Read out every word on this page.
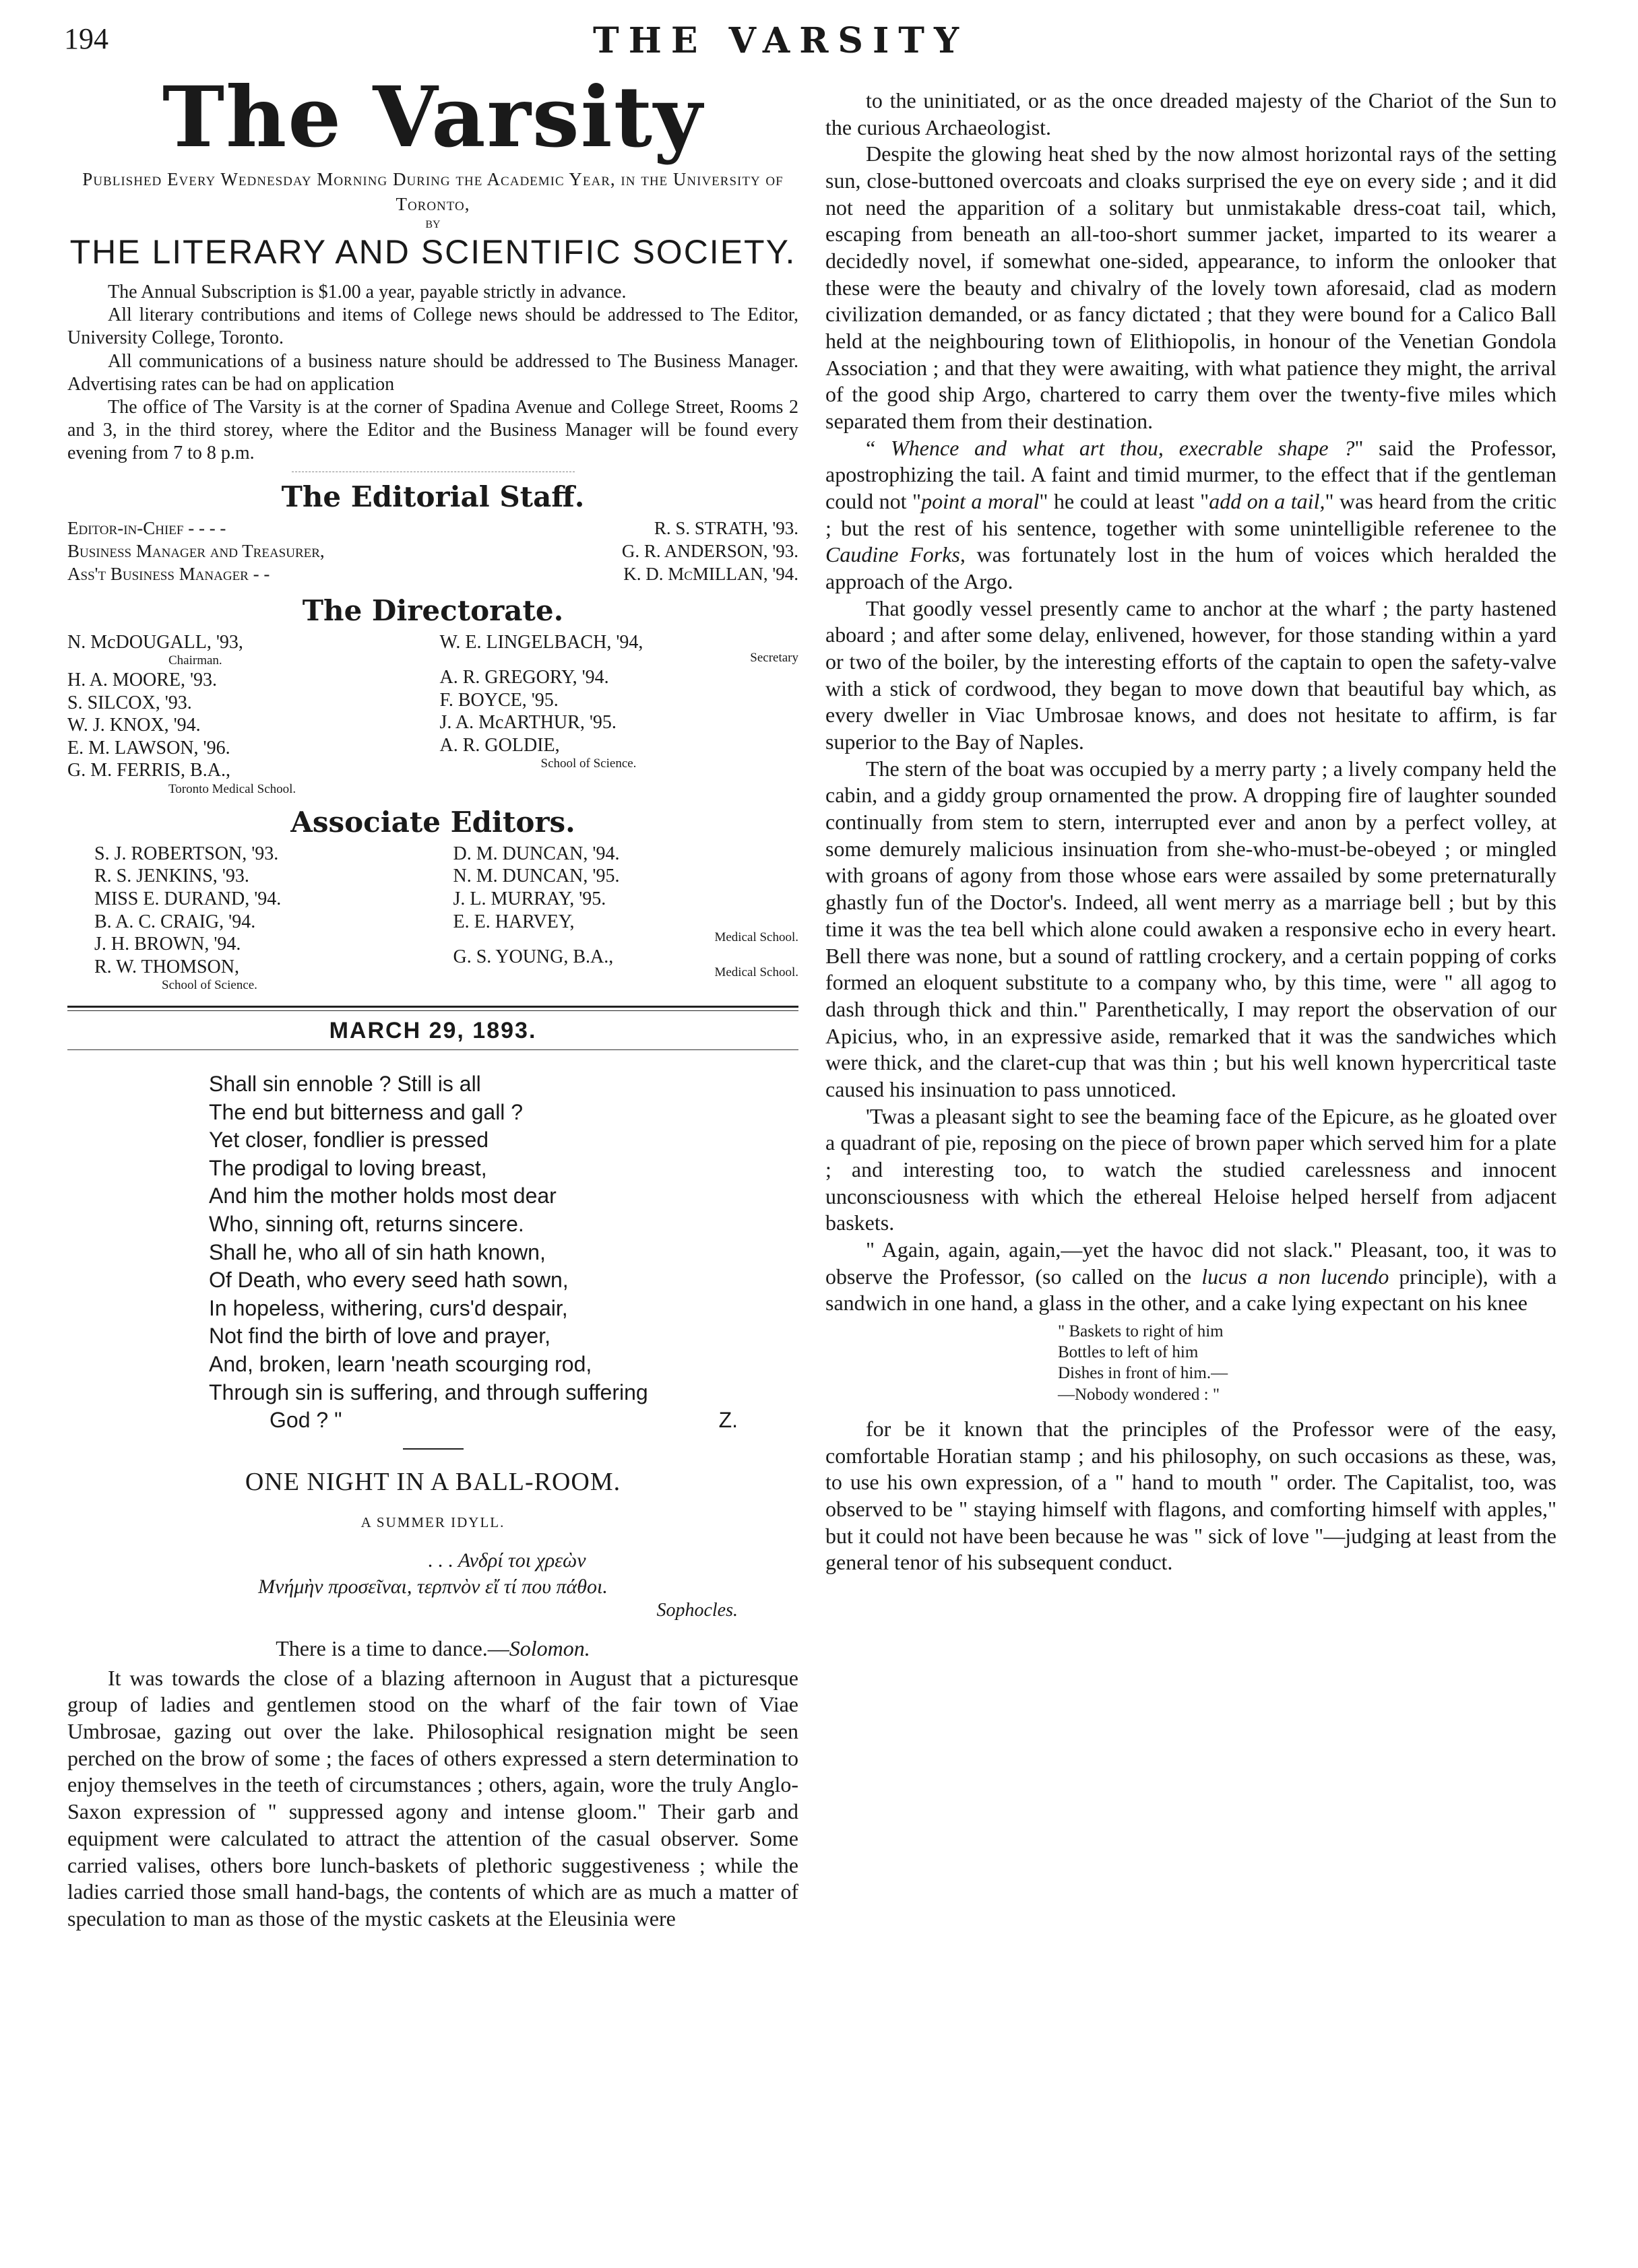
194	THE VARSITY
The Varsity

Published Every Wednesday Morning During the Academic Year, in the University of Toronto,

BY

THE LITERARY AND SCIENTIFIC SOCIETY.

The Annual Subscription is $1.00 a year, payable strictly in advance.

All literary contributions and items of College news should be addressed to The Editor, University College, Toronto.

All communications of a business nature should be addressed to The Business Manager. Advertising rates can be had on application

The office of The Varsity is at the corner of Spadina Avenue and College Street, Rooms 2 and 3, in the third storey, where the Editor and the Business Manager will be found every evening from 7 to 8 p.m.

The Editorial Staff.
Editor-in-Chief - - - -	R. S. STRATH, '93.
Business Manager and Treasurer,	G. R. ANDERSON, '93.
Ass't Business Manager - -	K. D. McMILLAN, '94.
The Directorate.
N. McDOUGALL, '93,
Chairman.
H. A. MOORE, '93.
S. SILCOX, '93.
W. J. KNOX, '94.
E. M. LAWSON, '96.
G. M. FERRIS, B.A.,
Toronto Medical School.
W. E. LINGELBACH, '94,
Secretary
A. R. GREGORY, '94.
F. BOYCE, '95.
J. A. McARTHUR, '95.
A. R. GOLDIE,
School of Science.
Associate Editors.
S. J. ROBERTSON, '93.
R. S. JENKINS, '93.
MISS E. DURAND, '94.
B. A. C. CRAIG, '94.
J. H. BROWN, '94.
R. W. THOMSON,
School of Science.
D. M. DUNCAN, '94.
N. M. DUNCAN, '95.
J. L. MURRAY, '95.
E. E. HARVEY,
Medical School.
G. S. YOUNG, B.A.,
Medical School.
MARCH 29, 1893.
Shall sin ennoble ? Still is all
The end but bitterness and gall ?
Yet closer, fondlier is pressed
The prodigal to loving breast,
And him the mother holds most dear
Who, sinning oft, returns sincere.
Shall he, who all of sin hath known,
Of Death, who every seed hath sown,
In hopeless, withering, curs'd despair,
Not find the birth of love and prayer,
And, broken, learn 'neath scourging rod,
Through sin is suffering, and through suffering
God ? "	Z.
ONE NIGHT IN A BALL-ROOM.
A SUMMER IDYLL.
. . . Ανδρί τοι χρεὼν
Μνήμὴν προσεῖναι, τερπνὸν εἴ τί που πάθοι.
Sophocles.
There is a time to dance.—Solomon.

It was towards the close of a blazing afternoon in August that a picturesque group of ladies and gentlemen stood on the wharf of the fair town of Viae Umbrosae, gazing out over the lake. Philosophical resignation might be seen perched on the brow of some ; the faces of others expressed a stern determination to enjoy themselves in the teeth of circumstances ; others, again, wore the truly Anglo-Saxon expression of " suppressed agony and intense gloom." Their garb and equipment were calculated to attract the attention of the casual observer. Some carried valises, others bore lunch-baskets of plethoric suggestiveness ; while the ladies carried those small hand-bags, the contents of which are as much a matter of speculation to man as those of the mystic caskets at the Eleusinia were

to the uninitiated, or as the once dreaded majesty of the Chariot of the Sun to the curious Archaeologist.

Despite the glowing heat shed by the now almost horizontal rays of the setting sun, close-buttoned overcoats and cloaks surprised the eye on every side ; and it did not need the apparition of a solitary but unmistakable dress-coat tail, which, escaping from beneath an all-too-short summer jacket, imparted to its wearer a decidedly novel, if somewhat one-sided, appearance, to inform the onlooker that these were the beauty and chivalry of the lovely town aforesaid, clad as modern civilization demanded, or as fancy dictated ; that they were bound for a Calico Ball held at the neighbouring town of Elithiopolis, in honour of the Venetian Gondola Association ; and that they were awaiting, with what patience they might, the arrival of the good ship Argo, chartered to carry them over the twenty-five miles which separated them from their destination.

“ Whence and what art thou, execrable shape ?" said the Professor, apostrophizing the tail. A faint and timid murmer, to the effect that if the gentleman could not "point a moral" he could at least "add on a tail," was heard from the critic ; but the rest of his sentence, together with some unintelligible referenee to the Caudine Forks, was fortunately lost in the hum of voices which heralded the approach of the Argo.

That goodly vessel presently came to anchor at the wharf ; the party hastened aboard ; and after some delay, enlivened, however, for those standing within a yard or two of the boiler, by the interesting efforts of the captain to open the safety-valve with a stick of cordwood, they began to move down that beautiful bay which, as every dweller in Viac Umbrosae knows, and does not hesitate to affirm, is far superior to the Bay of Naples.

The stern of the boat was occupied by a merry party ; a lively company held the cabin, and a giddy group ornamented the prow. A dropping fire of laughter sounded continually from stem to stern, interrupted ever and anon by a perfect volley, at some demurely malicious insinuation from she-who-must-be-obeyed ; or mingled with groans of agony from those whose ears were assailed by some preternaturally ghastly fun of the Doctor's. Indeed, all went merry as a marriage bell ; but by this time it was the tea bell which alone could awaken a responsive echo in every heart. Bell there was none, but a sound of rattling crockery, and a certain popping of corks formed an eloquent substitute to a company who, by this time, were " all agog to dash through thick and thin." Parenthetically, I may report the observation of our Apicius, who, in an expressive aside, remarked that it was the sandwiches which were thick, and the claret-cup that was thin ; but his well known hypercritical taste caused his insinuation to pass unnoticed.

'Twas a pleasant sight to see the beaming face of the Epicure, as he gloated over a quadrant of pie, reposing on the piece of brown paper which served him for a plate ; and interesting too, to watch the studied carelessness and innocent unconsciousness with which the ethereal Heloise helped herself from adjacent baskets.

" Again, again, again,—yet the havoc did not slack." Pleasant, too, it was to observe the Professor, (so called on the lucus a non lucendo principle), with a sandwich in one hand, a glass in the other, and a cake lying expectant on his knee

" Baskets to right of him
Bottles to left of him
Dishes in front of him.—
—Nobody wondered : "

for be it known that the principles of the Professor were of the easy, comfortable Horatian stamp ; and his philosophy, on such occasions as these, was, to use his own expression, of a " hand to mouth " order. The Capitalist, too, was observed to be " staying himself with flagons, and comforting himself with apples," but it could not have been because he was " sick of love "—judging at least from the general tenor of his subsequent conduct.
